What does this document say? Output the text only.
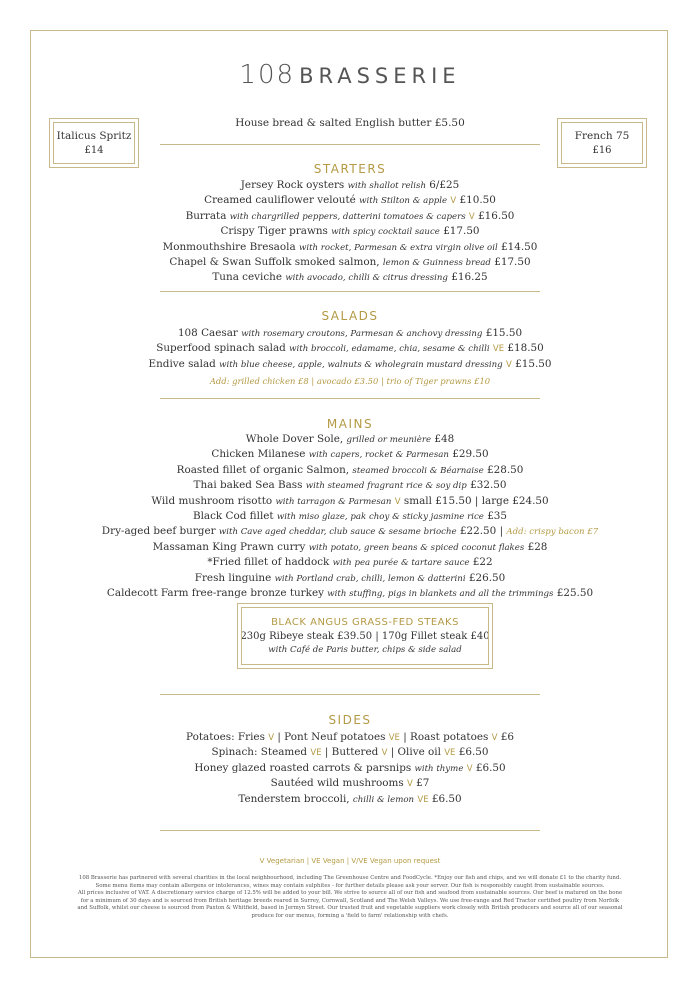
108 BRASSERIE
Italicus Spritz
£14
French 75
£16
House bread & salted English butter £5.50
STARTERS
Jersey Rock oysters with shallot relish 6/£25
Creamed cauliflower velouté with Stilton & apple V £10.50
Burrata with chargrilled peppers, datterini tomatoes & capers V £16.50
Crispy Tiger prawns with spicy cocktail sauce £17.50
Monmouthshire Bresaola with rocket, Parmesan & extra virgin olive oil £14.50
Chapel & Swan Suffolk smoked salmon, lemon & Guinness bread £17.50
Tuna ceviche with avocado, chilli & citrus dressing £16.25
SALADS
108 Caesar with rosemary croutons, Parmesan & anchovy dressing £15.50
Superfood spinach salad with broccoli, edamame, chia, sesame & chilli VE £18.50
Endive salad with blue cheese, apple, walnuts & wholegrain mustard dressing V £15.50
Add: grilled chicken £8 | avocado £3.50 | trio of Tiger prawns £10
MAINS
Whole Dover Sole, grilled or meunière £48
Chicken Milanese with capers, rocket & Parmesan £29.50
Roasted fillet of organic Salmon, steamed broccoli & Béarnaise £28.50
Thai baked Sea Bass with steamed fragrant rice & soy dip £32.50
Wild mushroom risotto with tarragon & Parmesan V small £15.50 | large £24.50
Black Cod fillet with miso glaze, pak choy & sticky jasmine rice £35
Dry-aged beef burger with Cave aged cheddar, club sauce & sesame brioche £22.50 | Add: crispy bacon £7
Massaman King Prawn curry with potato, green beans & spiced coconut flakes £28
*Fried fillet of haddock with pea purée & tartare sauce £22
Fresh linguine with Portland crab, chilli, lemon & datterini £26.50
Caldecott Farm free-range bronze turkey with stuffing, pigs in blankets and all the trimmings £25.50
BLACK ANGUS GRASS-FED STEAKS
230g Ribeye steak £39.50 | 170g Fillet steak £40
with Café de Paris butter, chips & side salad
SIDES
Potatoes: Fries V | Pont Neuf potatoes VE | Roast potatoes V £6
Spinach: Steamed VE | Buttered V | Olive oil VE £6.50
Honey glazed roasted carrots & parsnips with thyme V £6.50
Sautéed wild mushrooms V £7
Tenderstem broccoli, chilli & lemon VE £6.50
V Vegetarian | VE Vegan | V/VE Vegan upon request
108 Brasserie has partnered with several charities in the local neighbourhood, including The Greenhouse Centre and FoodCycle. *Enjoy our fish and chips, and we will donate £1 to the charity fund.
Some menu items may contain allergens or intolerances, wines may contain sulphites - for further details please ask your server. Our fish is responsibly caught from sustainable sources.
All prices inclusive of VAT. A discretionary service charge of 12.5% will be added to your bill. We strive to source all of our fish and seafood from sustainable sources. Our beef is matured on the bone
for a minimum of 30 days and is sourced from British heritage breeds reared in Surrey, Cornwall, Scotland and The Welsh Valleys. We use free-range and Red Tractor certified poultry from Norfolk
and Suffolk, whilst our cheese is sourced from Paxton & Whitfield, based in Jermyn Street. Our trusted fruit and vegetable suppliers work closely with British producers and source all of our seasonal
produce for our menus, forming a 'field to farm' relationship with chefs.
